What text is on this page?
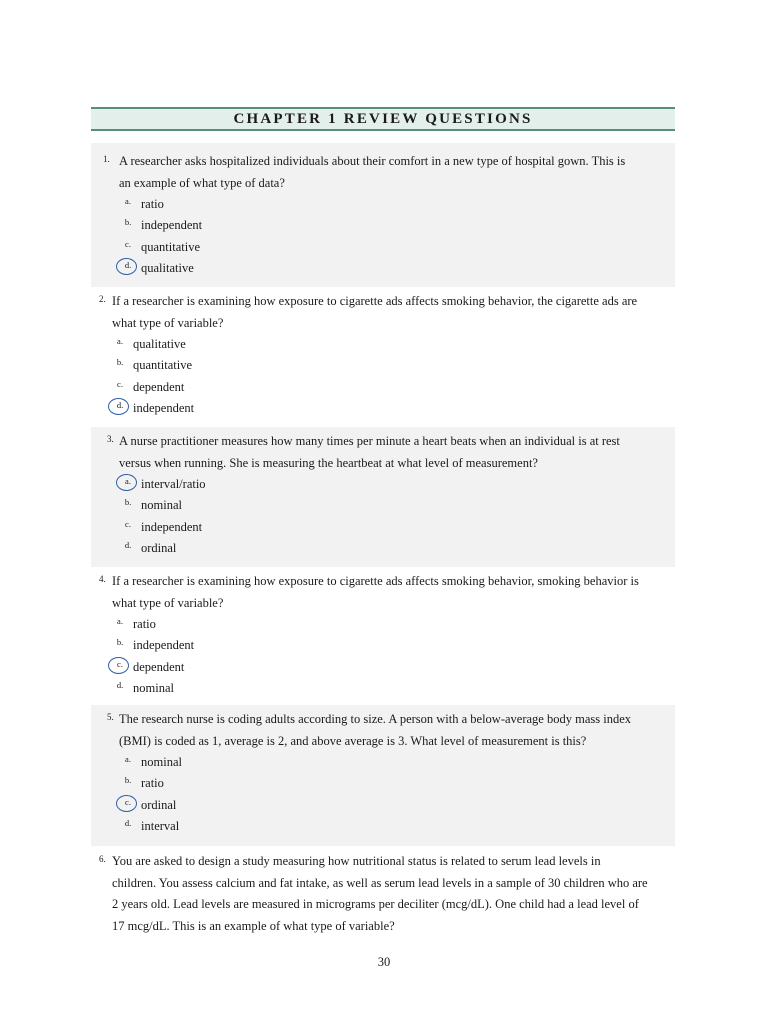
CHAPTER 1 REVIEW QUESTIONS
1. A researcher asks hospitalized individuals about their comfort in a new type of hospital gown. This is
an example of what type of data?
a. ratio
b. independent
c. quantitative
d. qualitative
2. If a researcher is examining how exposure to cigarette ads affects smoking behavior, the cigarette ads are
what type of variable?
a. qualitative
b. quantitative
c. dependent
d. independent
3. A nurse practitioner measures how many times per minute a heart beats when an individual is at rest
versus when running. She is measuring the heartbeat at what level of measurement?
a. interval/ratio
b. nominal
c. independent
d. ordinal
4. If a researcher is examining how exposure to cigarette ads affects smoking behavior, smoking behavior is
what type of variable?
a. ratio
b. independent
c. dependent
d. nominal
5. The research nurse is coding adults according to size. A person with a below-average body mass index
(BMI) is coded as 1, average is 2, and above average is 3. What level of measurement is this?
a. nominal
b. ratio
c. ordinal
d. interval
6. You are asked to design a study measuring how nutritional status is related to serum lead levels in
children. You assess calcium and fat intake, as well as serum lead levels in a sample of 30 children who are
2 years old. Lead levels are measured in micrograms per deciliter (mcg/dL). One child had a lead level of
17 mcg/dL. This is an example of what type of variable?
30
